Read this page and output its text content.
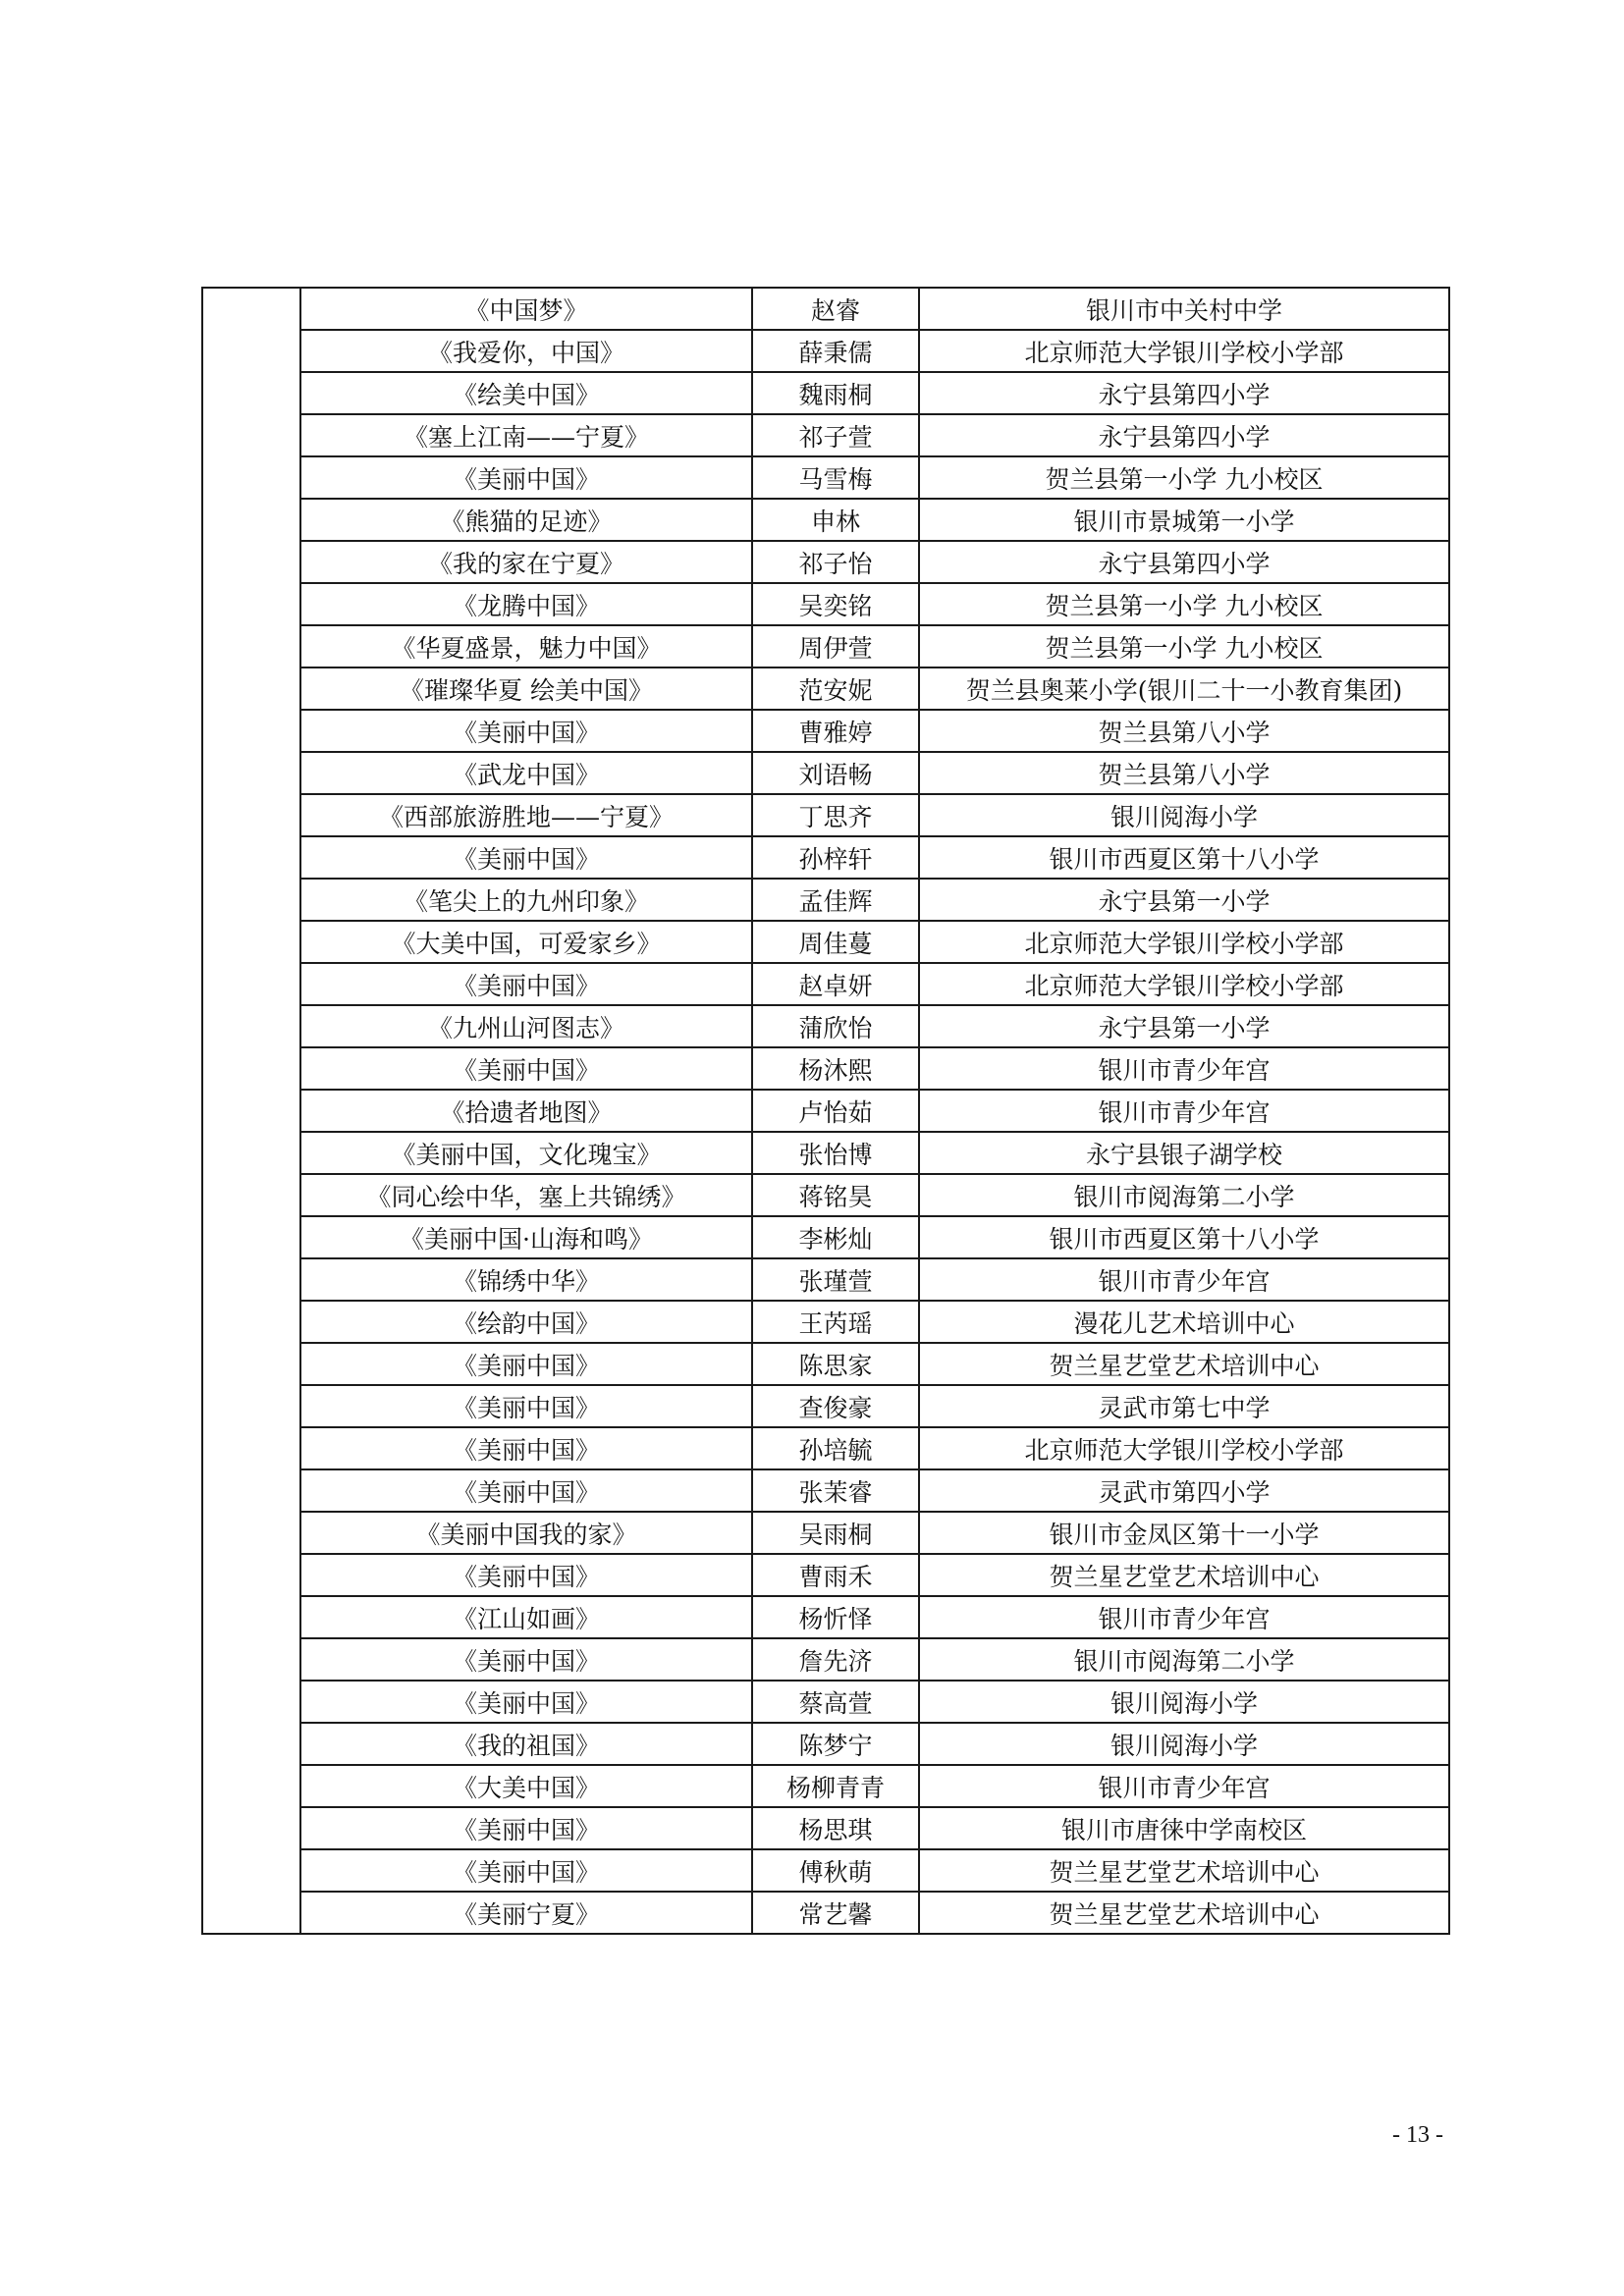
	《中国梦》	赵睿	银川市中关村中学
	《我爱你，中国》	薛秉儒	北京师范大学银川学校小学部
	《绘美中国》	魏雨桐	永宁县第四小学
	《塞上江南——宁夏》	祁子萱	永宁县第四小学
	《美丽中国》	马雪梅	贺兰县第一小学 九小校区
	《熊猫的足迹》	申林	银川市景城第一小学
	《我的家在宁夏》	祁子怡	永宁县第四小学
	《龙腾中国》	吴奕铭	贺兰县第一小学 九小校区
	《华夏盛景，魅力中国》	周伊萱	贺兰县第一小学 九小校区
	《璀璨华夏 绘美中国》	范安妮	贺兰县奥莱小学(银川二十一小教育集团)
	《美丽中国》	曹雅婷	贺兰县第八小学
	《武龙中国》	刘语畅	贺兰县第八小学
	《西部旅游胜地——宁夏》	丁思齐	银川阅海小学
	《美丽中国》	孙梓轩	银川市西夏区第十八小学
	《笔尖上的九州印象》	孟佳辉	永宁县第一小学
	《大美中国，可爱家乡》	周佳蔓	北京师范大学银川学校小学部
	《美丽中国》	赵卓妍	北京师范大学银川学校小学部
	《九州山河图志》	蒲欣怡	永宁县第一小学
	《美丽中国》	杨沐熙	银川市青少年宫
	《拾遗者地图》	卢怡茹	银川市青少年宫
	《美丽中国，文化瑰宝》	张怡博	永宁县银子湖学校
	《同心绘中华，塞上共锦绣》	蒋铭昊	银川市阅海第二小学
	《美丽中国·山海和鸣》	李彬灿	银川市西夏区第十八小学
	《锦绣中华》	张瑾萱	银川市青少年宫
	《绘韵中国》	王芮瑶	漫花儿艺术培训中心
	《美丽中国》	陈思家	贺兰星艺堂艺术培训中心
	《美丽中国》	查俊豪	灵武市第七中学
	《美丽中国》	孙培毓	北京师范大学银川学校小学部
	《美丽中国》	张茉睿	灵武市第四小学
	《美丽中国我的家》	吴雨桐	银川市金凤区第十一小学
	《美丽中国》	曹雨禾	贺兰星艺堂艺术培训中心
	《江山如画》	杨忻怿	银川市青少年宫
	《美丽中国》	詹先济	银川市阅海第二小学
	《美丽中国》	蔡高萱	银川阅海小学
	《我的祖国》	陈梦宁	银川阅海小学
	《大美中国》	杨柳青青	银川市青少年宫
	《美丽中国》	杨思琪	银川市唐徕中学南校区
	《美丽中国》	傅秋萌	贺兰星艺堂艺术培训中心
	《美丽宁夏》	常艺馨	贺兰星艺堂艺术培训中心
- 13 -
